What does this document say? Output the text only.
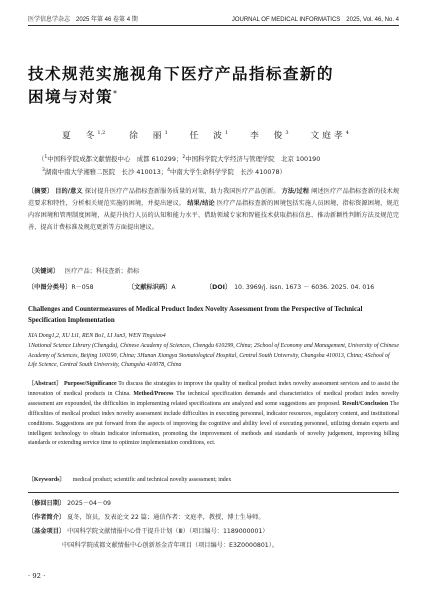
医学信息学杂志　2025 年第 46 卷第 4 期	JOURNAL OF MEDICAL INFORMATICS　2025, Vol. 46, No. 4
技术规范实施视角下医疗产品指标查新的
困境与对策*
夏　冬$^{1,2}$	徐　丽$^1$ 任　波$^1$ 李　俊$^3$ 文庭孝$^4$
（$^1$中国科学院成都文献情报中心　成都 610299；$^2$中国科学院大学经济与管理学院　北京 100190
$^3$湖南中南大学湘雅二医院　长沙 410013；$^4$中南大学生命科学学院　长沙 410078）
〔摘要〕 目的/意义 探讨提升医疗产品指标查新服务质量的对策，助力我国医疗产品创新。 方法/过程 阐述医疗产品指标查新的技术规范要求和特性，分析相关规范实施的困境，并提出建议。 结果/结论 医疗产品指标查新的困境包括实施人员困境、指标资源困境、规范内容困境和管理制度困境，从提升执行人员的认知和能力水平、借助领域专家和智能技术获取指标信息、推动新颖性判断方法及规范完善、提高计费标准及规范更新等方面提出建议。
〔关键词〕 医疗产品；科技查新；指标
〔中图分类号〕R－058	〔文献标识码〕A	〔DOI〕 10. 3969/j. issn. 1673 － 6036. 2025. 04. 016
Challenges and Countermeasures of Medical Product Index Novelty Assessment from the Perspective of Technical Specification Implementation
XIA Dong1,2, XU Li1, REN Bo1, LI Jun3, WEN Tingxiao4
1National Science Library (Chengdu), Chinese Academy of Sciences, Chengdu 610299, China; 2School of Economy and Management, University of Chinese Academy of Sciences, Beijing 100190, China; 3Hunan Xiangya Stomatological Hospital, Central South University, Changsha 410013, China; 4School of Life Science, Central South University, Changsha 410078, China
〔Abstract〕 Purpose/Significance To discuss the strategies to improve the quality of medical product index novelty assessment services and to assist the innovation of medical products in China. Method/Process The technical specification demands and characteristics of medical product index novelty assessment are expounded, the difficulties in implementing related specifications are analyzed and some suggestions are proposed. Result/Conclusion The difficulties of medical product index novelty assessment include difficulties in executing personnel, indicator resources, regulatory content, and institutional conditions. Suggestions are put forward from the aspects of improving the cognitive and ability level of executing personnel, utilizing domain experts and intelligent technology to obtain indicator information, promoting the improvement of methods and standards of novelty judgement, improving billing standards or extending service time to optimize implementation conditions, ect.
〔Keywords〕 medical product; scientific and technical novelty assessment; index
〔修回日期〕 2025－04－09
〔作者简介〕 夏冬，馆员，发表论文 22 篇；通信作者：文庭孝，教授，博士生导师。
〔基金项目〕 中国科学院文献情报中心骨干提升计划（Ⅲ）（项目编号：1189000001）
中国科学院成都文献情报中心创新基金青年项目（项目编号：E3Z0000801）。
· 92 ·
